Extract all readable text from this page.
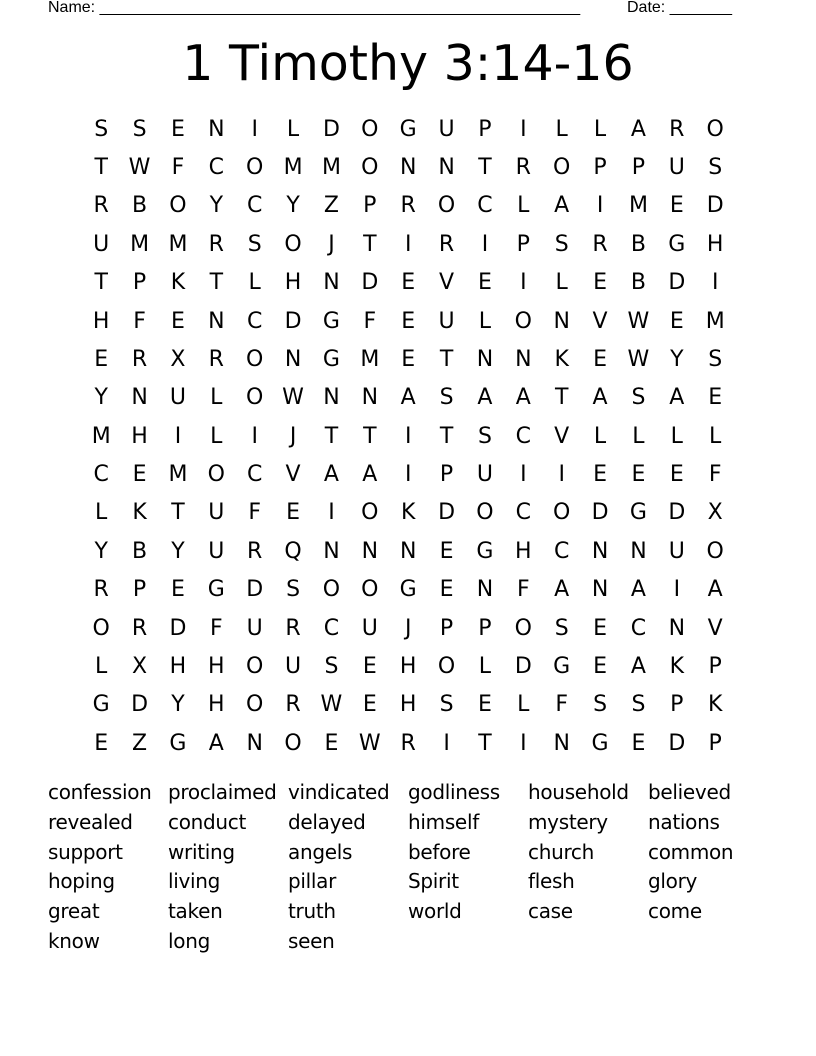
Name: ______________________________________________________	Date: _______
1 Timothy 3:14-16
S	S	E	N	I	L	D O G U	P	I	L	L	A	R	O
T W F	C	O M M O N N	T	R	O	P	P	U	S
R	B	O	Y	C	Y	Z	P	R	O	C	L	A	I	M E	D
U M M R	S	O	J	T	I	R	I	P	S	R	B	G H
T	P	K	T	L	H N D	E	V	E	I	L	E	B	D	I
H	F	E	N	C	D G	F	E	U	L	O N	V W E M
E	R	X	R	O N G M E	T	N N	K	E W Y	S
Y	N	U	L	O W N N	A	S	A	A	T	A	S	A	E
M H	I	L	I	J	T	T	I	T	S	C	V	L	L	L	L
C	E M O	C	V	A	A	I	P	U	I	I	E	E	E	F
L	K	T	U	F	E	I	O	K	D O	C	O D G D	X
Y	B	Y	U	R	Q N N N	E	G H	C	N N	U O
R	P	E	G D	S	O O G	E	N	F	A	N	A	I	A
O	R	D	F	U	R	C	U	J	P	P	O	S	E	C	N	V
L	X	H H O U	S	E	H O	L	D G	E	A	K	P
G D	Y	H O	R W E	H	S	E	L	F	S	S	P	K
E	Z	G	A	N O	E W R	I	T	I	N G	E	D	P
confession proclaimed vindicated godliness	household believed
revealed	conduct	delayed	himself	mystery	nations
support	writing	angels	before	church	common
hoping	living	pillar	Spirit	flesh	glory
great	taken	truth	world	case	come
know	long	seen
